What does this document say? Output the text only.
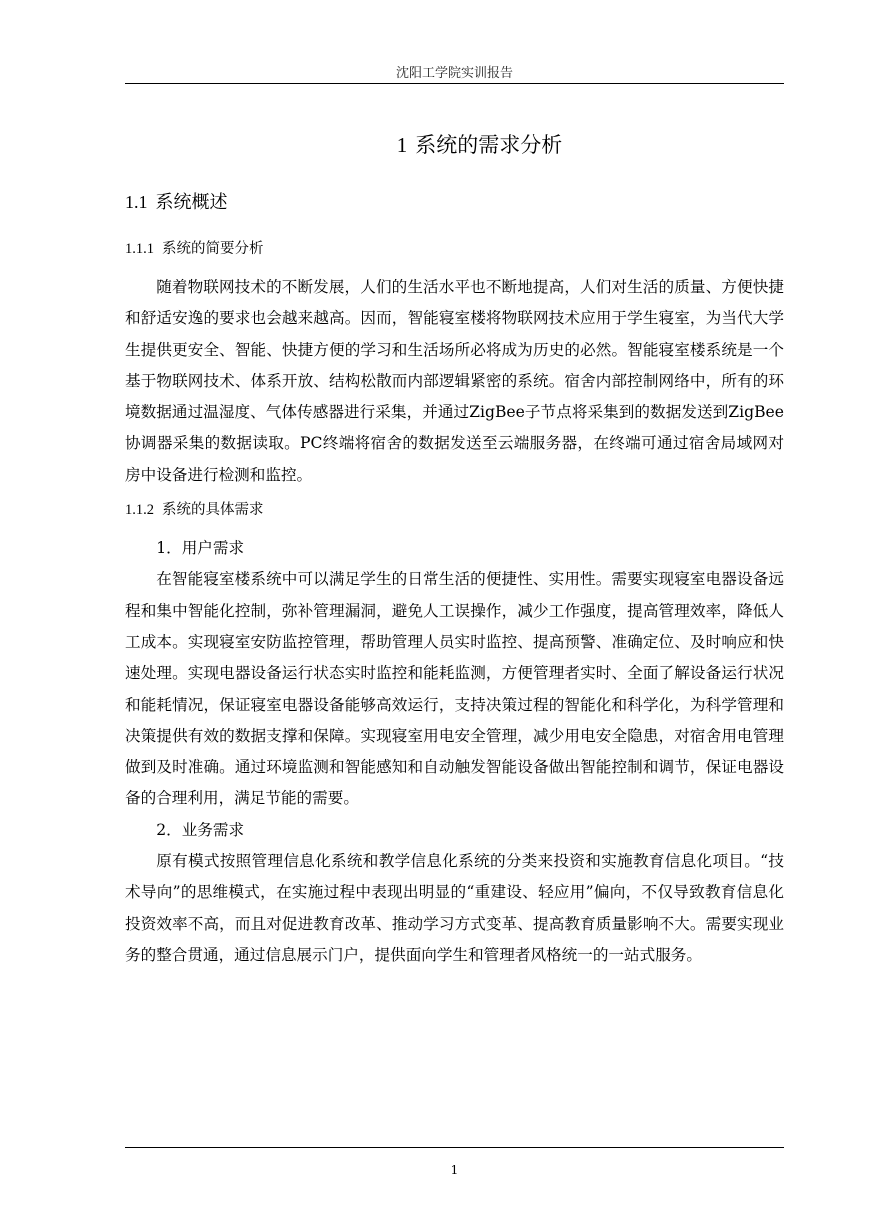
沈阳工学院实训报告
1 系统的需求分析
1.1 系统概述
1.1.1 系统的简要分析

随着物联网技术的不断发展，人们的生活水平也不断地提高，人们对生活的质量、方便快捷和舒适安逸的要求也会越来越高。因而，智能寝室楼将物联网技术应用于学生寝室，为当代大学生提供更安全、智能、快捷方便的学习和生活场所必将成为历史的必然。智能寝室楼系统是一个基于物联网技术、体系开放、结构松散而内部逻辑紧密的系统。宿舍内部控制网络中，所有的环境数据通过温湿度、气体传感器进行采集，并通过ZigBee子节点将采集到的数据发送到ZigBee协调器采集的数据读取。PC终端将宿舍的数据发送至云端服务器，在终端可通过宿舍局域网对房中设备进行检测和监控。

1.1.2 系统的具体需求

1．用户需求

在智能寝室楼系统中可以满足学生的日常生活的便捷性、实用性。需要实现寝室电器设备远程和集中智能化控制，弥补管理漏洞，避免人工误操作，减少工作强度，提高管理效率，降低人工成本。实现寝室安防监控管理，帮助管理人员实时监控、提高预警、准确定位、及时响应和快速处理。实现电器设备运行状态实时监控和能耗监测，方便管理者实时、全面了解设备运行状况和能耗情况，保证寝室电器设备能够高效运行，支持决策过程的智能化和科学化，为科学管理和决策提供有效的数据支撑和保障。实现寝室用电安全管理，减少用电安全隐患，对宿舍用电管理做到及时准确。通过环境监测和智能感知和自动触发智能设备做出智能控制和调节，保证电器设备的合理利用，满足节能的需要。

2．业务需求

原有模式按照管理信息化系统和教学信息化系统的分类来投资和实施教育信息化项目。“技术导向”的思维模式，在实施过程中表现出明显的“重建设、轻应用”偏向，不仅导致教育信息化投资效率不高，而且对促进教育改革、推动学习方式变革、提高教育质量影响不大。需要实现业务的整合贯通，通过信息展示门户，提供面向学生和管理者风格统一的一站式服务。

1
